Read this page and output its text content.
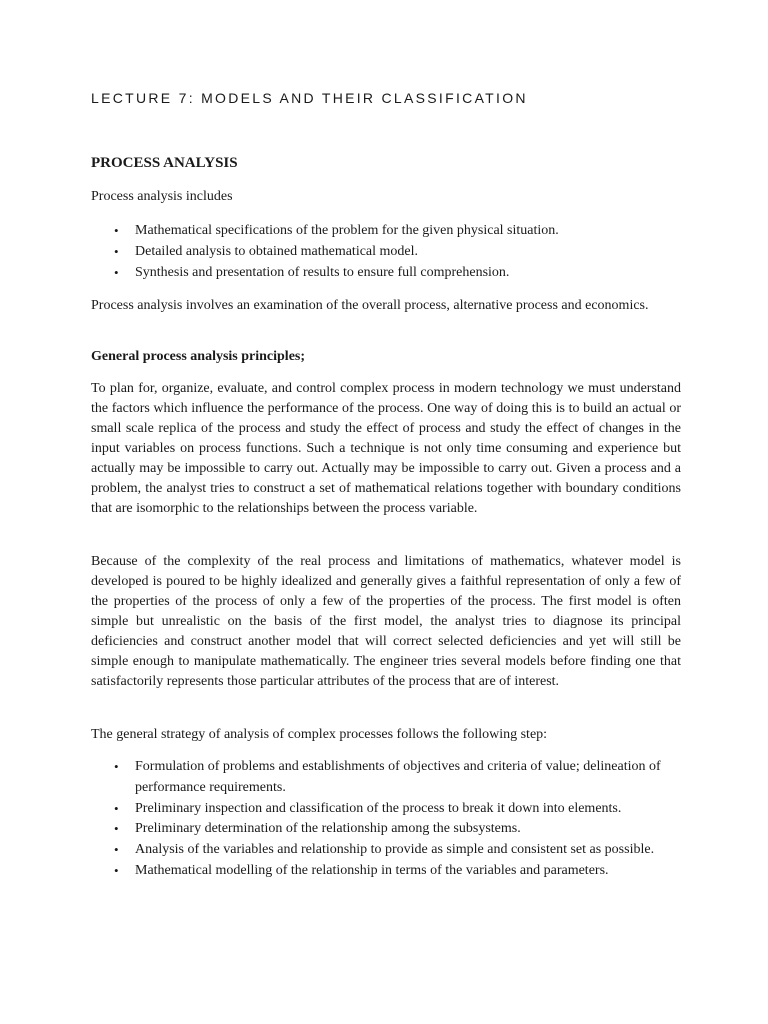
LECTURE 7: MODELS AND THEIR CLASSIFICATION
PROCESS ANALYSIS

Process analysis includes

• Mathematical specifications of the problem for the given physical situation.
• Detailed analysis to obtained mathematical model.
• Synthesis and presentation of results to ensure full comprehension.

Process analysis involves an examination of the overall process, alternative process and economics.

General process analysis principles;

To plan for, organize, evaluate, and control complex process in modern technology we must understand the factors which influence the performance of the process. One way of doing this is to build an actual or small scale replica of the process and study the effect of process and study the effect of changes in the input variables on process functions. Such a technique is not only time consuming and experience but actually may be impossible to carry out. Actually may be impossible to carry out. Given a process and a problem, the analyst tries to construct a set of mathematical relations together with boundary conditions that are isomorphic to the relationships between the process variable.

Because of the complexity of the real process and limitations of mathematics, whatever model is developed is poured to be highly idealized and generally gives a faithful representation of only a few of the properties of the process of only a few of the properties of the process. The first model is often simple but unrealistic on the basis of the first model, the analyst tries to diagnose its principal deficiencies and construct another model that will correct selected deficiencies and yet will still be simple enough to manipulate mathematically. The engineer tries several models before finding one that satisfactorily represents those particular attributes of the process that are of interest.

The general strategy of analysis of complex processes follows the following step:

• Formulation of problems and establishments of objectives and criteria of value; delineation of performance requirements.
• Preliminary inspection and classification of the process to break it down into elements.
• Preliminary determination of the relationship among the subsystems.
• Analysis of the variables and relationship to provide as simple and consistent set as possible.
• Mathematical modelling of the relationship in terms of the variables and parameters.
